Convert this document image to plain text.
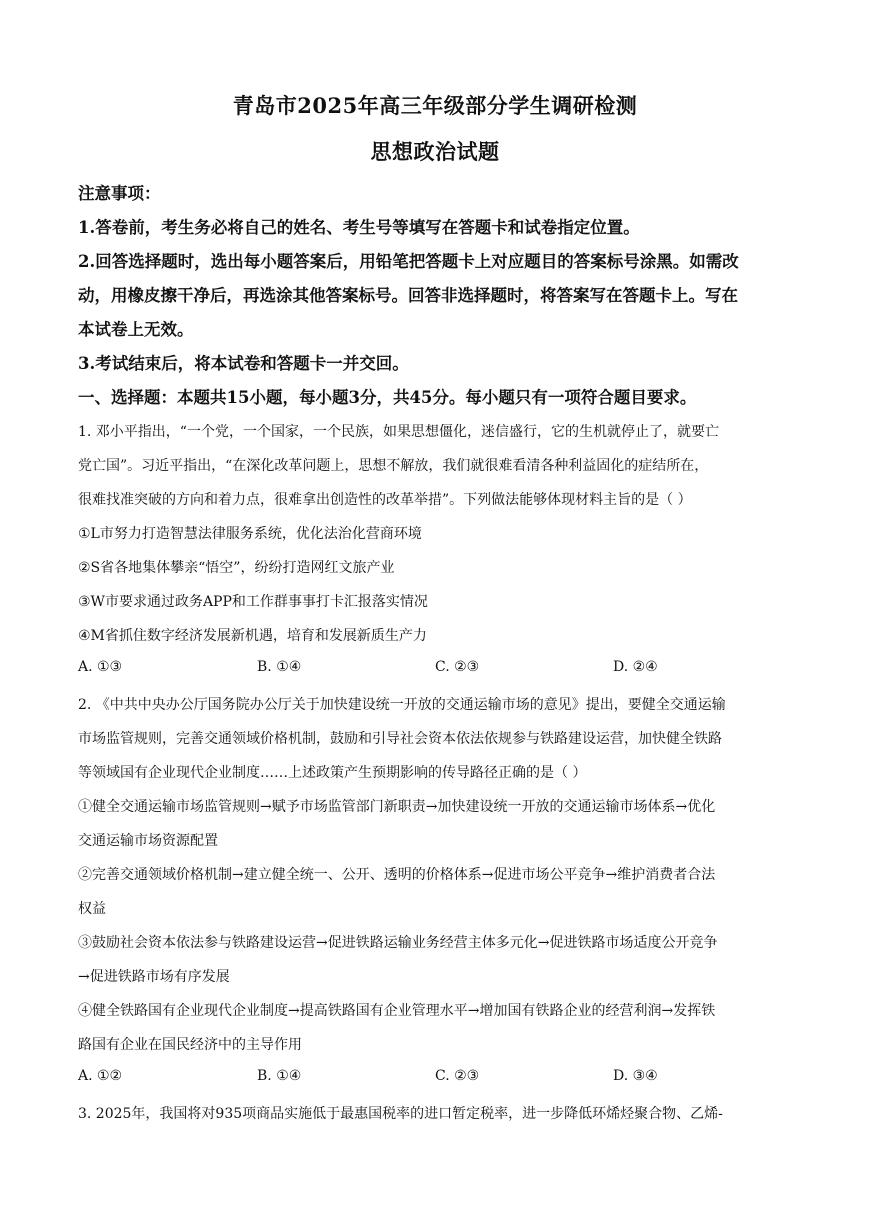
青岛市2025年高三年级部分学生调研检测
思想政治试题
注意事项：
1.答卷前，考生务必将自己的姓名、考生号等填写在答题卡和试卷指定位置。
2.回答选择题时，选出每小题答案后，用铅笔把答题卡上对应题目的答案标号涂黑。如需改
动，用橡皮擦干净后，再选涂其他答案标号。回答非选择题时，将答案写在答题卡上。写在
本试卷上无效。
3.考试结束后，将本试卷和答题卡一并交回。
一、选择题：本题共15小题，每小题3分，共45分。每小题只有一项符合题目要求。
1. 邓小平指出，“一个党，一个国家，一个民族，如果思想僵化，迷信盛行，它的生机就停止了，就要亡
党亡国”。习近平指出，“在深化改革问题上，思想不解放，我们就很难看清各种利益固化的症结所在，
很难找准突破的方向和着力点，很难拿出创造性的改革举措”。下列做法能够体现材料主旨的是（ ）
①L市努力打造智慧法律服务系统，优化法治化营商环境
②S省各地集体攀亲“悟空”，纷纷打造网红文旅产业
③W市要求通过政务APP和工作群事事打卡汇报落实情况
④M省抓住数字经济发展新机遇，培育和发展新质生产力
A. ①③	B. ①④	C. ②③	D. ②④
2. 《中共中央办公厅国务院办公厅关于加快建设统一开放的交通运输市场的意见》提出，要健全交通运输
市场监管规则，完善交通领域价格机制，鼓励和引导社会资本依法依规参与铁路建设运营，加快健全铁路
等领域国有企业现代企业制度……上述政策产生预期影响的传导路径正确的是（ ）
①健全交通运输市场监管规则→赋予市场监管部门新职责→加快建设统一开放的交通运输市场体系→优化
交通运输市场资源配置
②完善交通领域价格机制→建立健全统一、公开、透明的价格体系→促进市场公平竞争→维护消费者合法
权益
③鼓励社会资本依法参与铁路建设运营→促进铁路运输业务经营主体多元化→促进铁路市场适度公开竞争
→促进铁路市场有序发展
④健全铁路国有企业现代企业制度→提高铁路国有企业管理水平→增加国有铁路企业的经营利润→发挥铁
路国有企业在国民经济中的主导作用
A. ①②	B. ①④	C. ②③	D. ③④
3. 2025年，我国将对935项商品实施低于最惠国税率的进口暂定税率，进一步降低环烯烃聚合物、乙烯-
